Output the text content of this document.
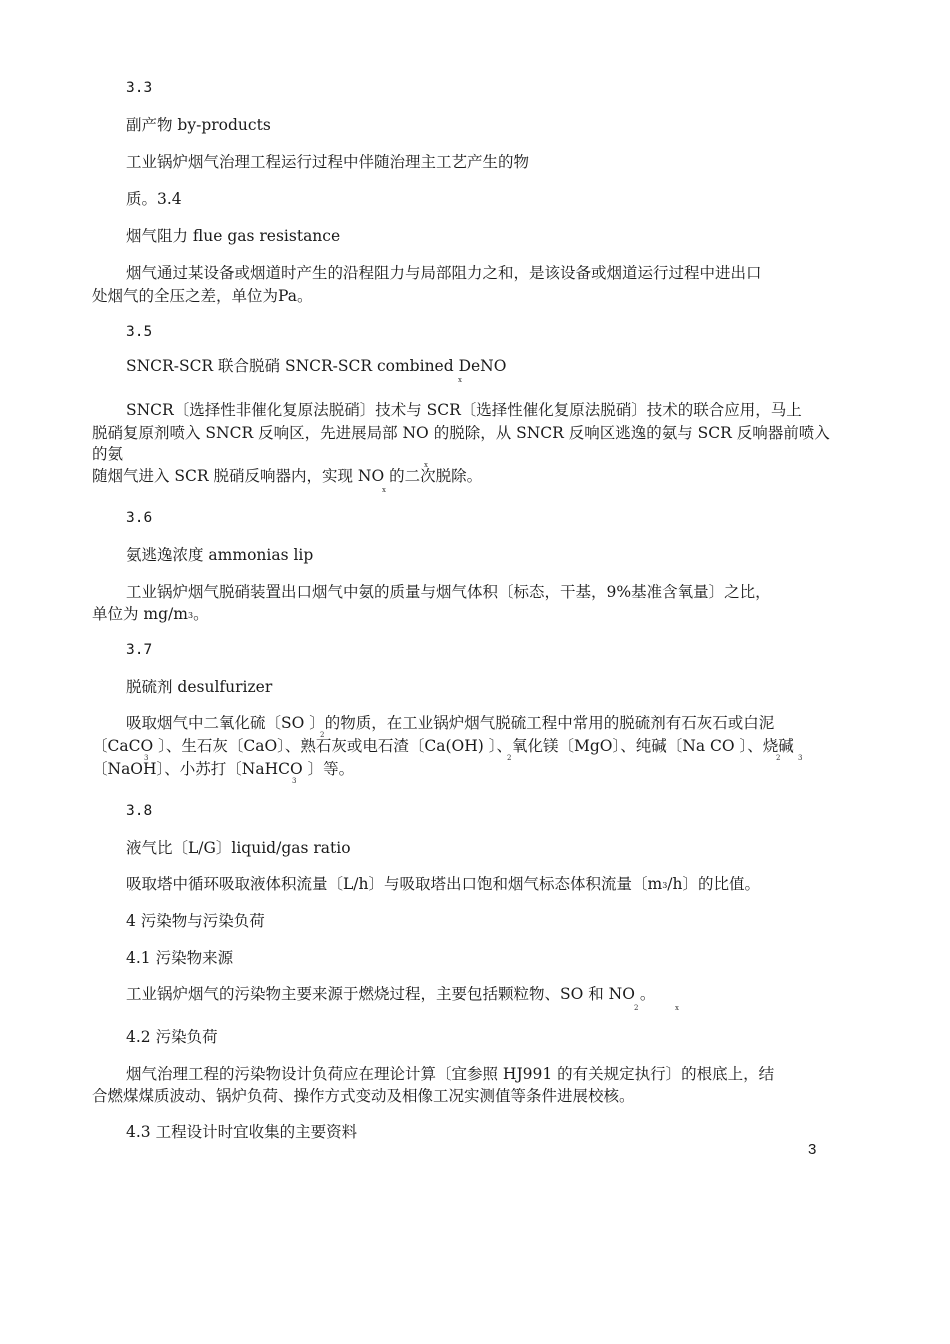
3.3
副产物 by-products
工业锅炉烟气治理工程运行过程中伴随治理主工艺产生的物
质。3.4
烟气阻力 flue gas resistance
烟气通过某设备或烟道时产生的沿程阻力与局部阻力之和，是该设备或烟道运行过程中进出口
处烟气的全压之差，单位为Pa。
3.5
SNCR-SCR 联合脱硝 SNCR-SCR combined DeNO
x
SNCR〔选择性非催化复原法脱硝〕技术与 SCR〔选择性催化复原法脱硝〕技术的联合应用，马上
脱硝复原剂喷入 SNCR 反响区，先进展局部 NO 的脱除，从 SNCR 反响区逃逸的氨与 SCR 反响器前喷入
的氨
x
随烟气进入 SCR 脱硝反响器内，实现 NO 的二次脱除。
x
3.6
氨逃逸浓度 ammonias lip
工业锅炉烟气脱硝装置出口烟气中氨的质量与烟气体积〔标态，干基，9%基准含氧量〕之比，
单位为 mg/m3。
3.7
脱硫剂 desulfurizer
吸取烟气中二氧化硫〔SO 〕的物质，在工业锅炉烟气脱硫工程中常用的脱硫剂有石灰石或白泥
2
〔CaCO 〕、生石灰〔CaO〕、熟石灰或电石渣〔Ca(OH) 〕、氧化镁〔MgO〕、纯碱〔Na CO 〕、烧碱
3	2	2	3
〔NaOH〕、小苏打〔NaHCO 〕等。
3
3.8
液气比〔L/G〕liquid/gas ratio
吸取塔中循环吸取液体积流量〔L/h〕与吸取塔出口饱和烟气标态体积流量〔m3/h〕的比值。
4 污染物与污染负荷
4.1 污染物来源
工业锅炉烟气的污染物主要来源于燃烧过程，主要包括颗粒物、SO 和 NO 。
2	x
4.2 污染负荷
烟气治理工程的污染物设计负荷应在理论计算〔宜参照 HJ991 的有关规定执行〕的根底上，结
合燃煤煤质波动、锅炉负荷、操作方式变动及相像工况实测值等条件进展校核。
4.3 工程设计时宜收集的主要资料
3
